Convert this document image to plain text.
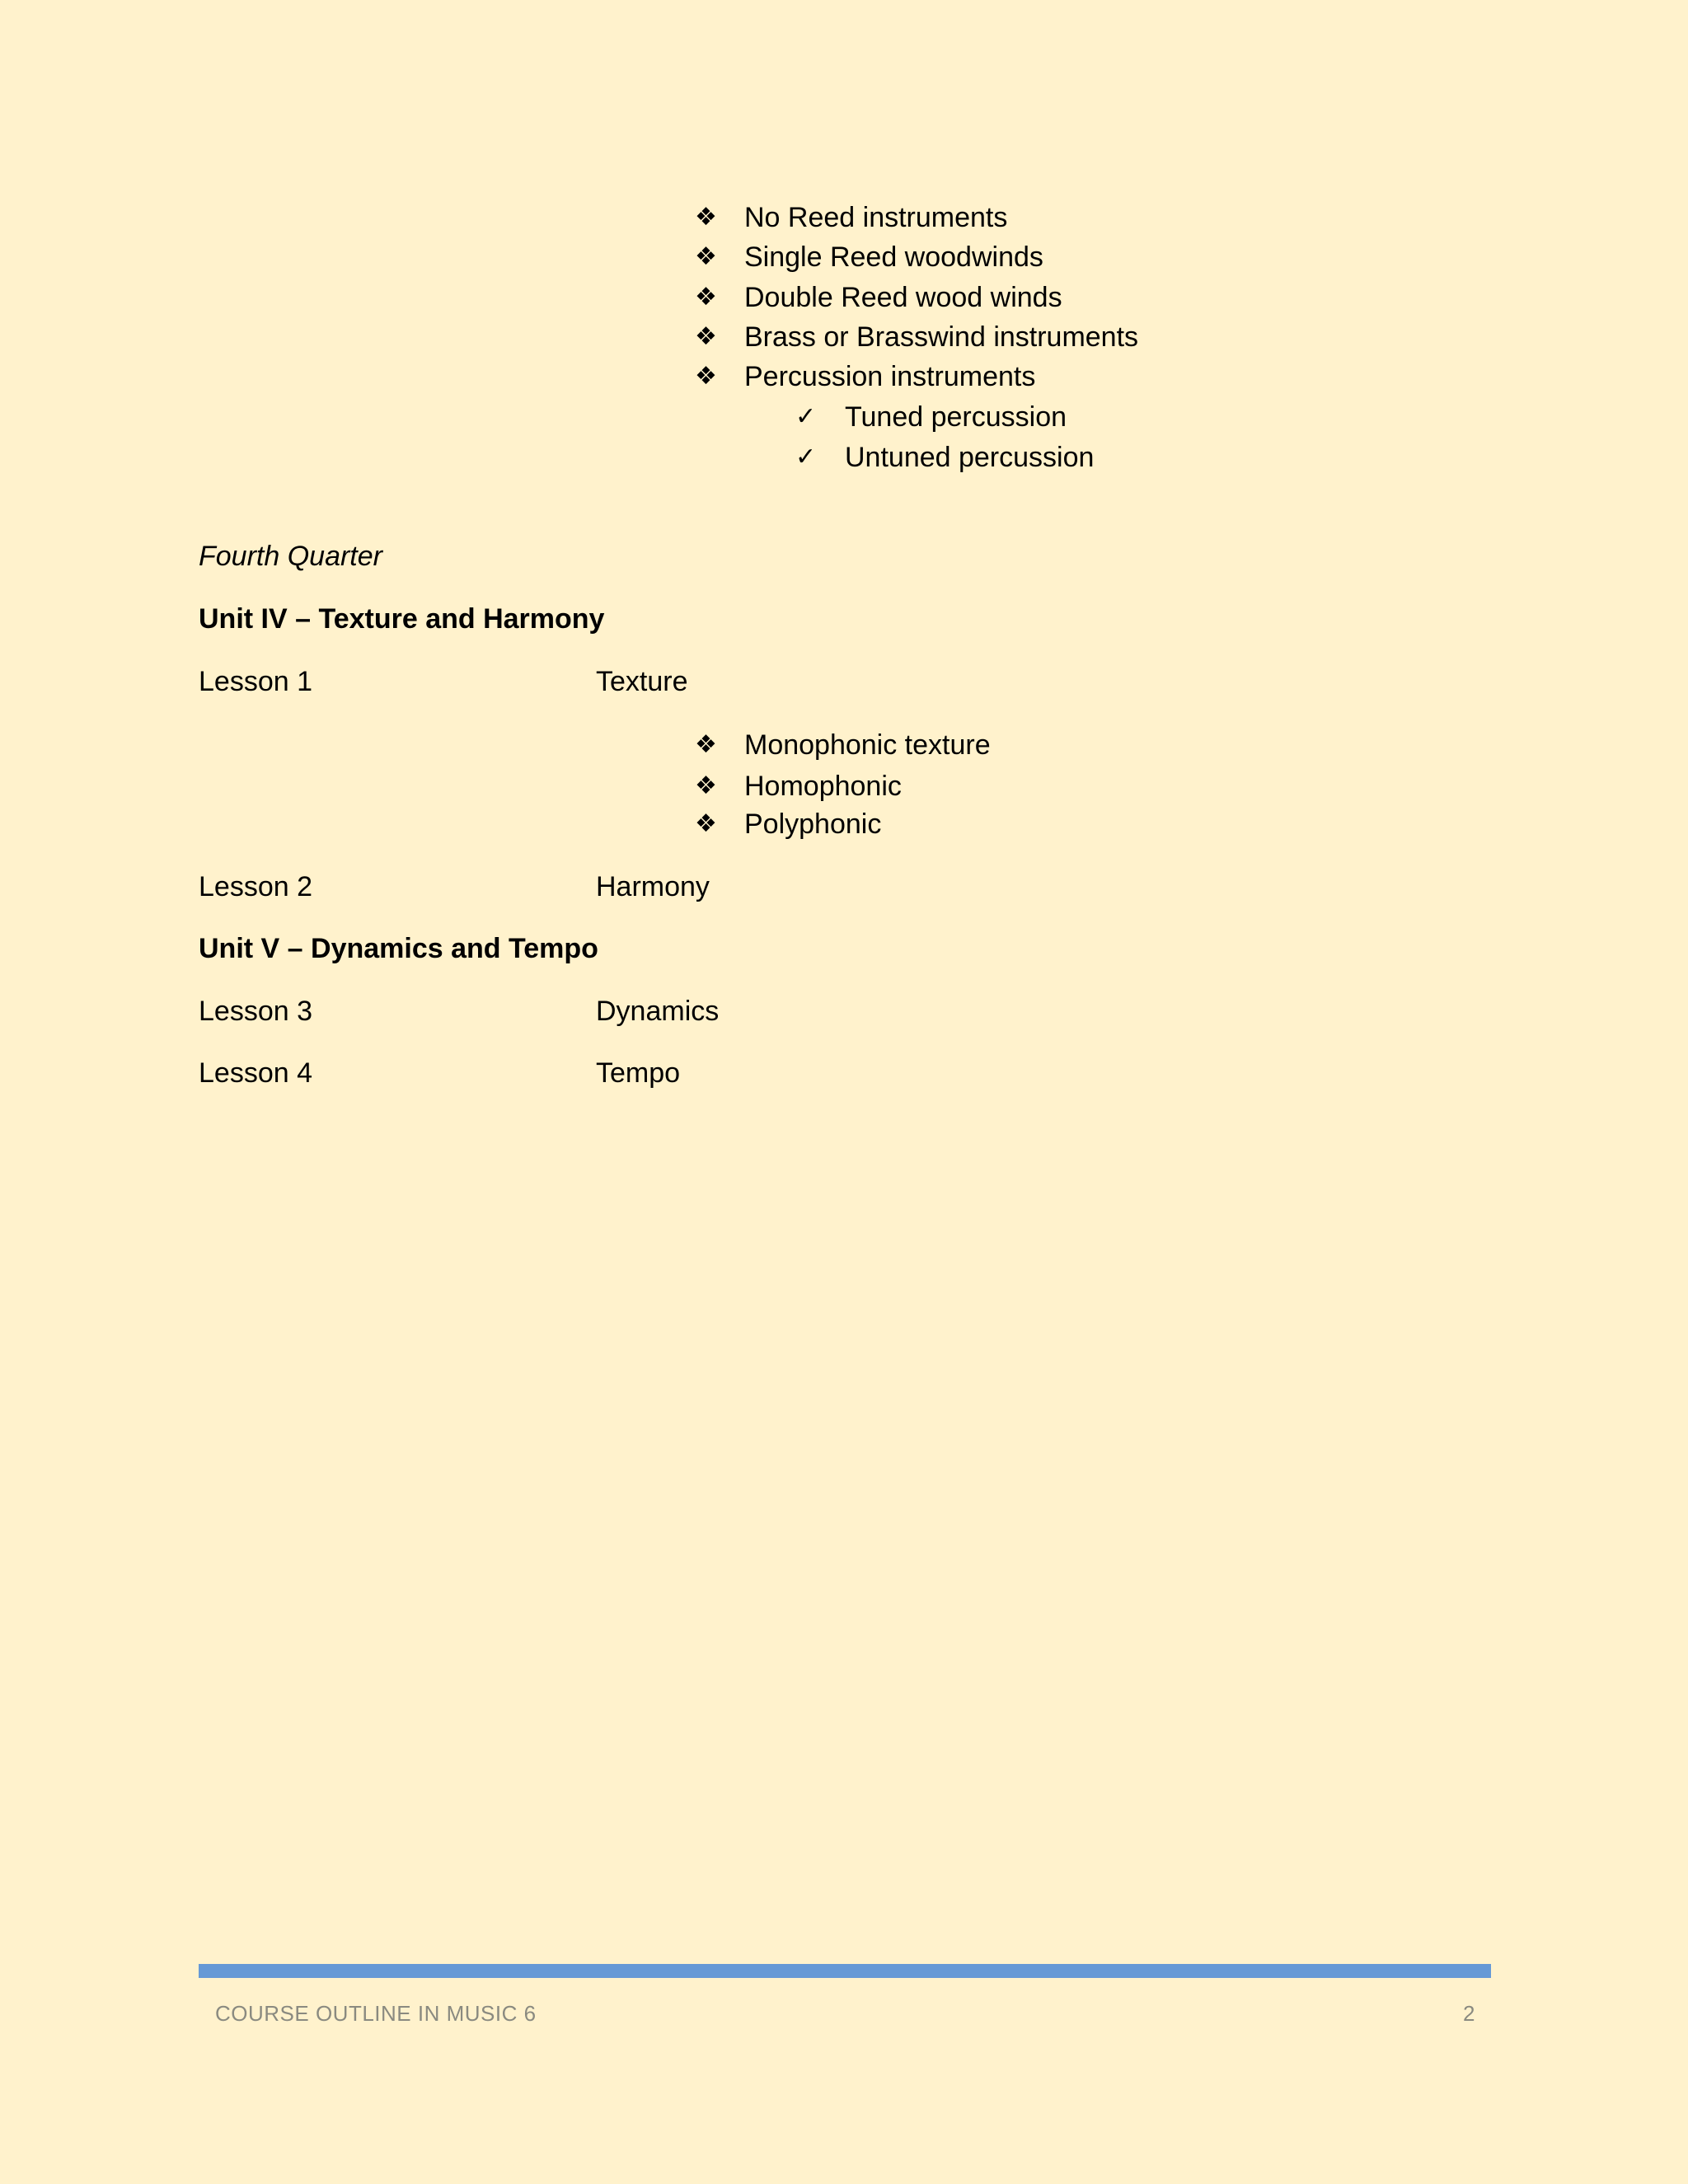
❖ No Reed instruments
❖ Single Reed woodwinds
❖ Double Reed wood winds
❖ Brass or Brasswind instruments
❖ Percussion instruments
✓	Tuned percussion
✓	Untuned percussion
Fourth Quarter
Unit IV – Texture and Harmony
Lesson 1	Texture
❖ Monophonic texture
❖ Homophonic
❖ Polyphonic
Lesson 2	Harmony
Unit V – Dynamics and Tempo
Lesson 3	Dynamics
Lesson 4	Tempo
COURSE OUTLINE IN MUSIC 6	2
